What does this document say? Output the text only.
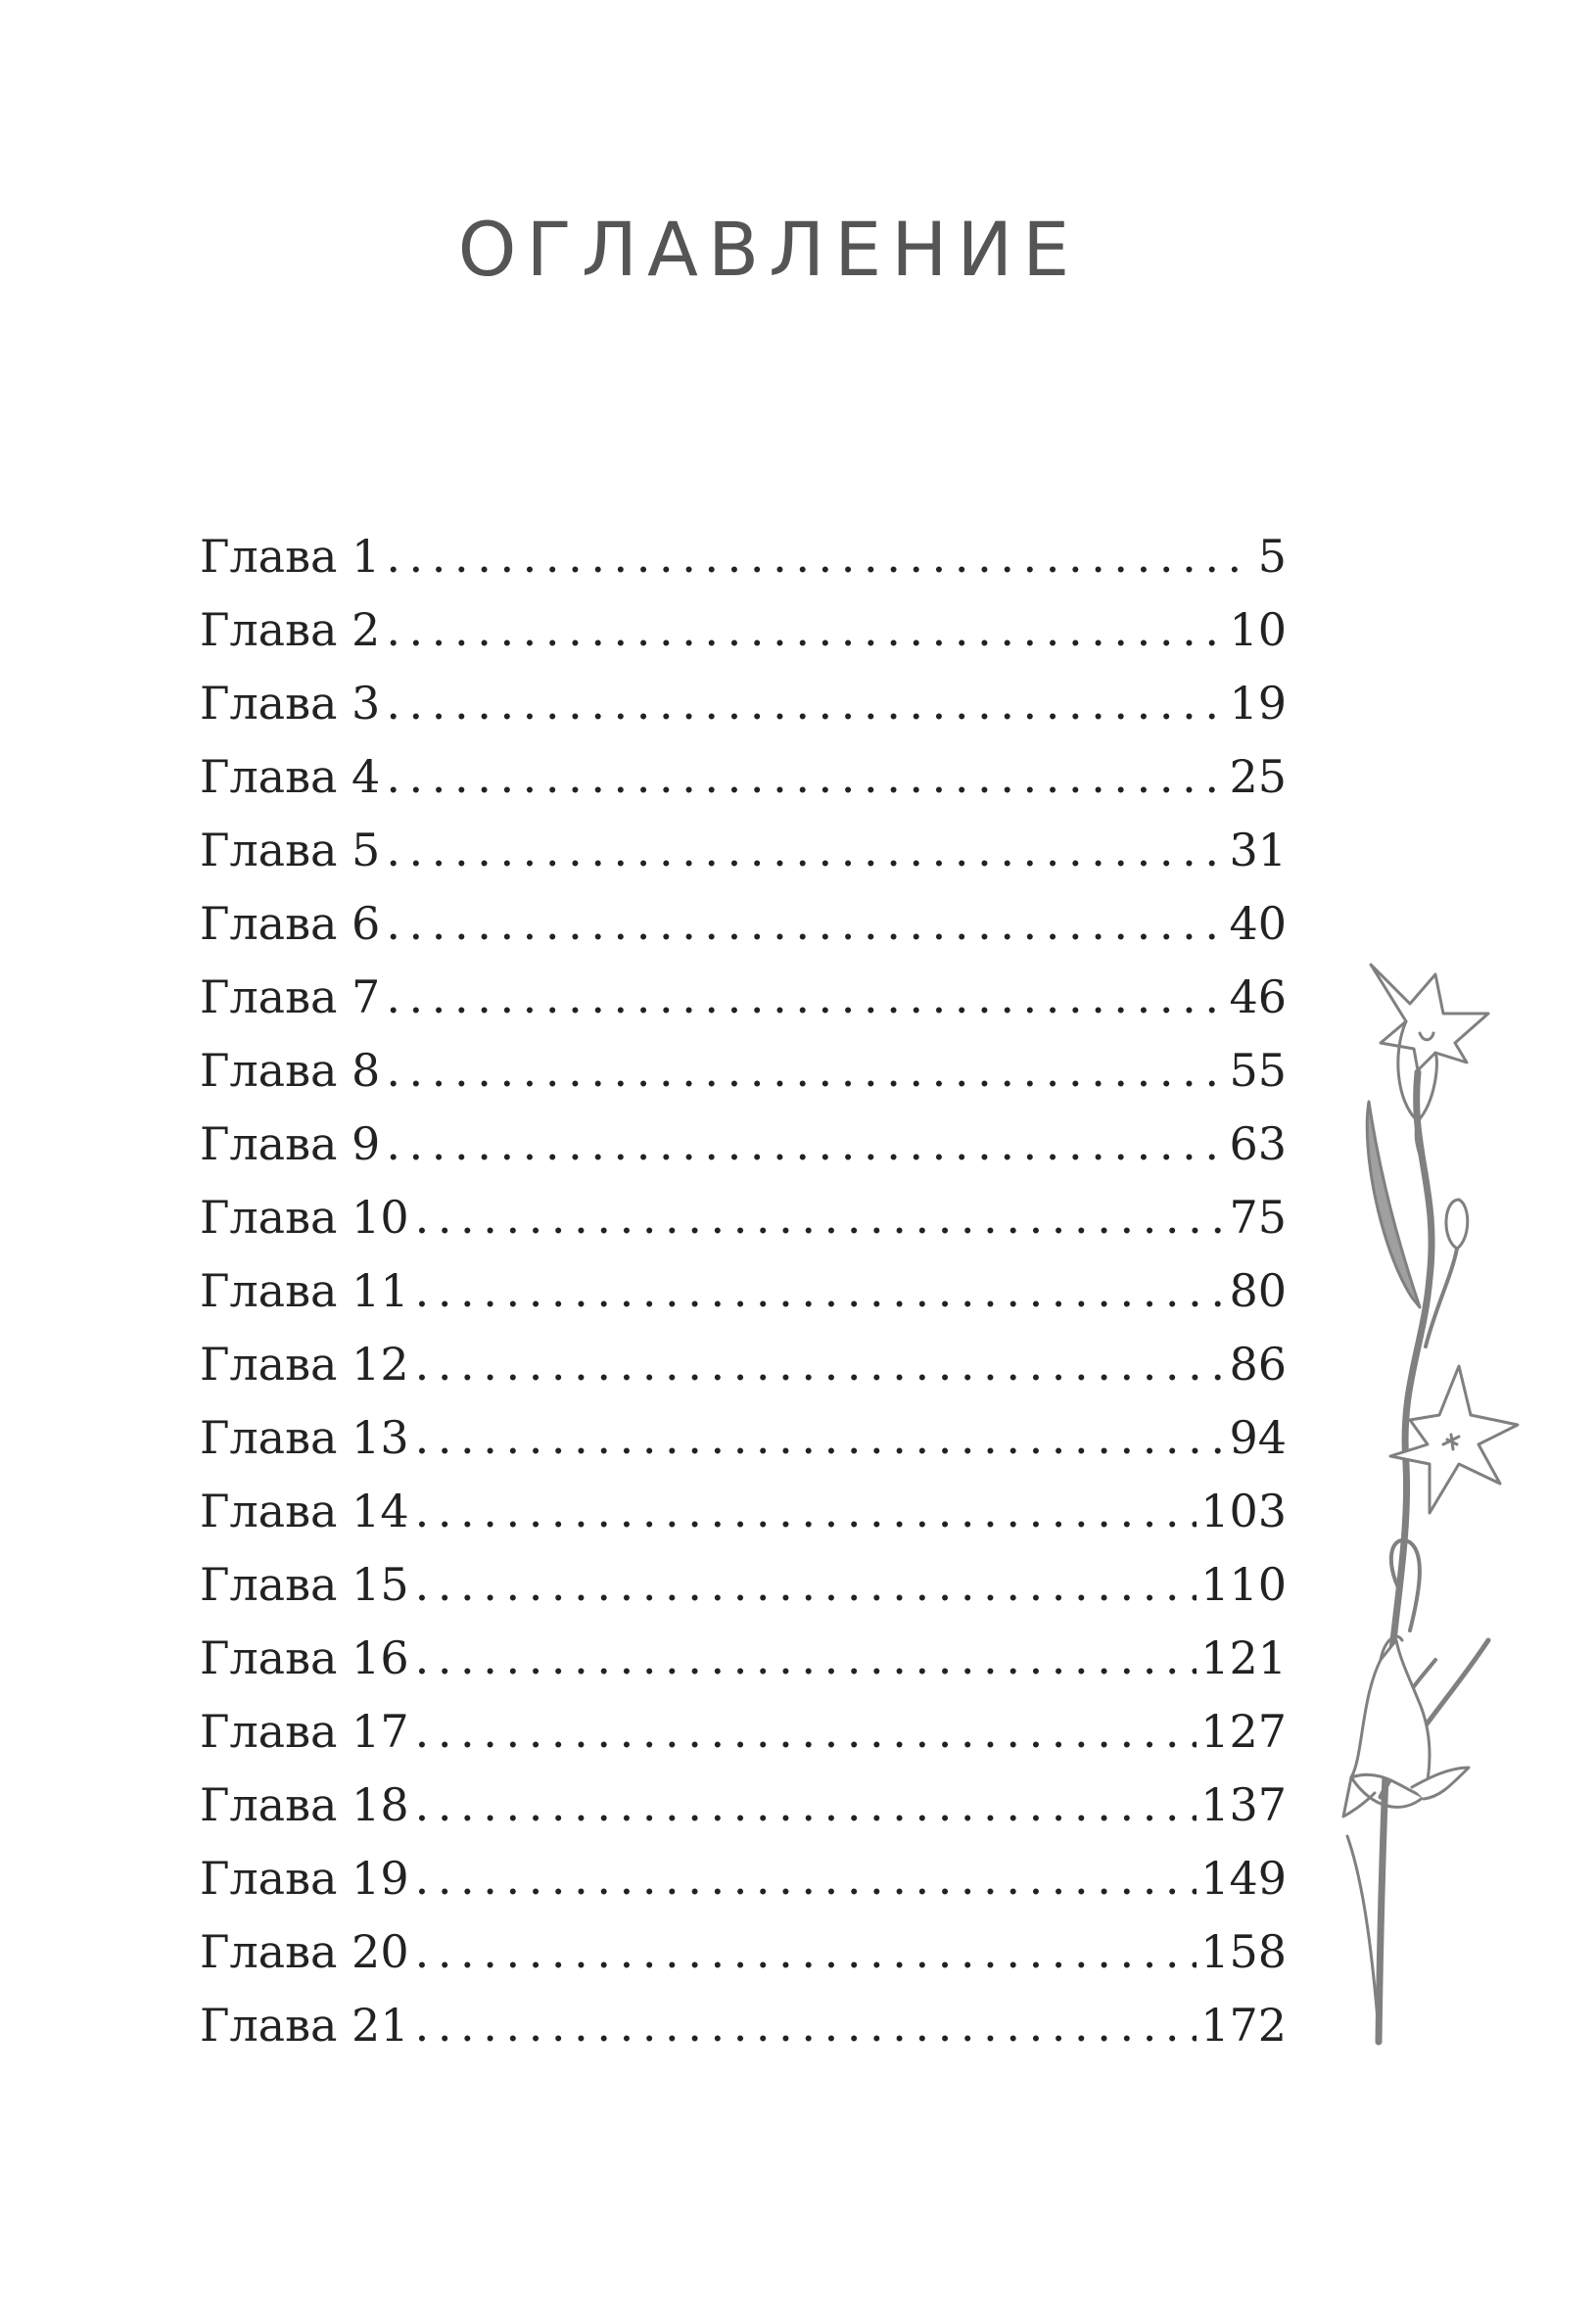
ОГЛАВЛЕНИЕ
Глава 1 .....	5
Глава 2 .....	10
Глава 3 .....	19
Глава 4 .....	25
Глава 5 .....	31
Глава 6 .....	40
Глава 7 .....	46
Глава 8 .....	55
Глава 9 .....	63
Глава 10 .....	75
Глава 11 .....	80
Глава 12 .....	86
Глава 13 .....	94
Глава 14 .....	103
Глава 15 .....	110
Глава 16 .....	121
Глава 17 .....	127
Глава 18 .....	137
Глава 19 .....	149
Глава 20 .....	158
Глава 21 .....	172
